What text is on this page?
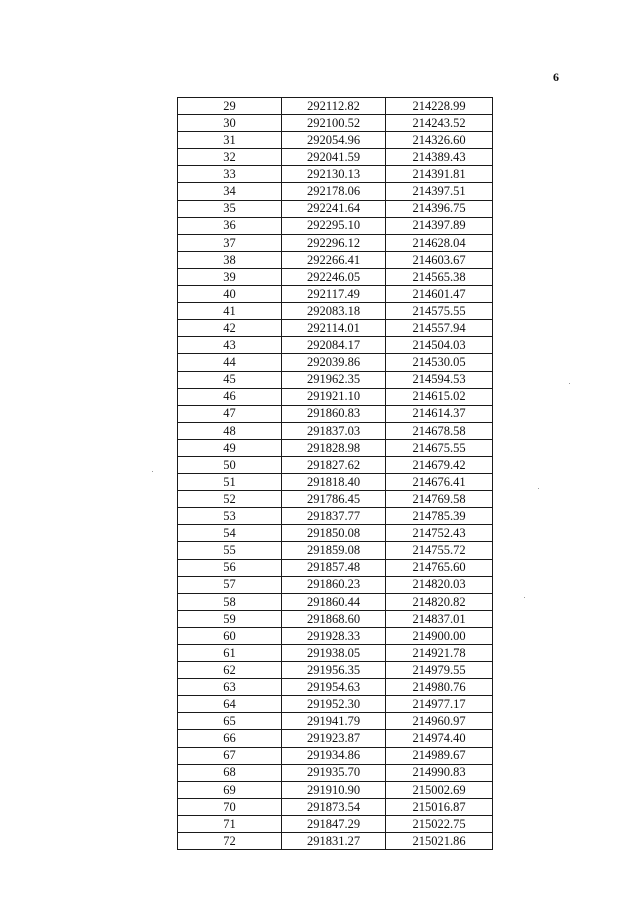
6
29	292112.82	214228.99
30	292100.52	214243.52
31	292054.96	214326.60
32	292041.59	214389.43
33	292130.13	214391.81
34	292178.06	214397.51
35	292241.64	214396.75
36	292295.10	214397.89
37	292296.12	214628.04
38	292266.41	214603.67
39	292246.05	214565.38
40	292117.49	214601.47
41	292083.18	214575.55
42	292114.01	214557.94
43	292084.17	214504.03
44	292039.86	214530.05
45	291962.35	214594.53
46	291921.10	214615.02
47	291860.83	214614.37
48	291837.03	214678.58
49	291828.98	214675.55
50	291827.62	214679.42
51	291818.40	214676.41
52	291786.45	214769.58
53	291837.77	214785.39
54	291850.08	214752.43
55	291859.08	214755.72
56	291857.48	214765.60
57	291860.23	214820.03
58	291860.44	214820.82
59	291868.60	214837.01
60	291928.33	214900.00
61	291938.05	214921.78
62	291956.35	214979.55
63	291954.63	214980.76
64	291952.30	214977.17
65	291941.79	214960.97
66	291923.87	214974.40
67	291934.86	214989.67
68	291935.70	214990.83
69	291910.90	215002.69
70	291873.54	215016.87
71	291847.29	215022.75
72	291831.27	215021.86
